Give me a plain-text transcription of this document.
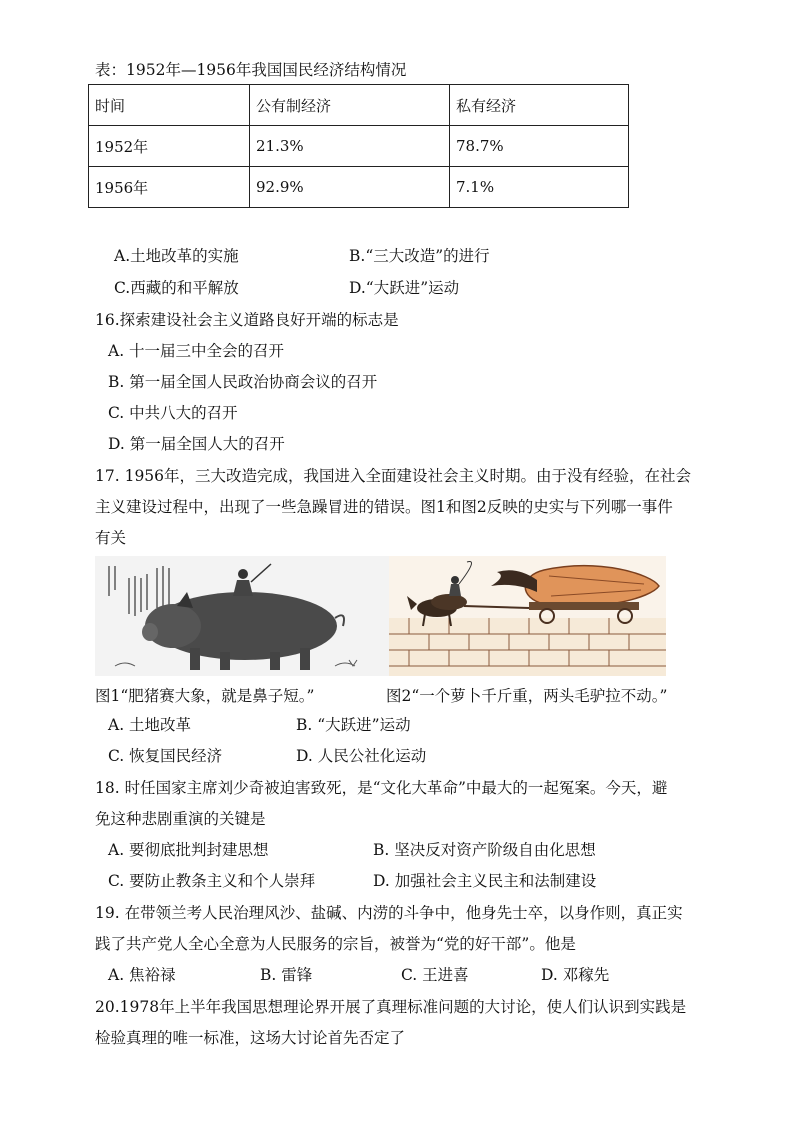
表：1952年—1956年我国国民经济结构情况
时间	公有制经济	私有经济
1952年	21.3%	78.7%
1956年	92.9%	7.1%
A.土地改革的实施	B.“三大改造”的进行
C.西藏的和平解放	D.“大跃进”运动
16.探索建设社会主义道路良好开端的标志是
A. 十一届三中全会的召开
B. 第一届全国人民政治协商会议的召开
C. 中共八大的召开
D. 第一届全国人大的召开
17. 1956年，三大改造完成，我国进入全面建设社会主义时期。由于没有经验，在社会
主义建设过程中，出现了一些急躁冒进的错误。图1和图2反映的史实与下列哪一事件
有关
图1“肥猪赛大象，就是鼻子短。”	图2“一个萝卜千斤重，两头毛驴拉不动。”
A. 土地改革	B. “大跃进”运动
C. 恢复国民经济	D. 人民公社化运动
18. 时任国家主席刘少奇被迫害致死，是“文化大革命”中最大的一起冤案。今天，避
免这种悲剧重演的关键是
A. 要彻底批判封建思想	B. 坚决反对资产阶级自由化思想
C. 要防止教条主义和个人崇拜	D. 加强社会主义民主和法制建设
19. 在带领兰考人民治理风沙、盐碱、内涝的斗争中，他身先士卒，以身作则，真正实
践了共产党人全心全意为人民服务的宗旨，被誉为“党的好干部”。他是
A. 焦裕禄	B. 雷锋	C. 王进喜	D. 邓稼先
20.1978年上半年我国思想理论界开展了真理标准问题的大讨论，使人们认识到实践是
检验真理的唯一标准，这场大讨论首先否定了
